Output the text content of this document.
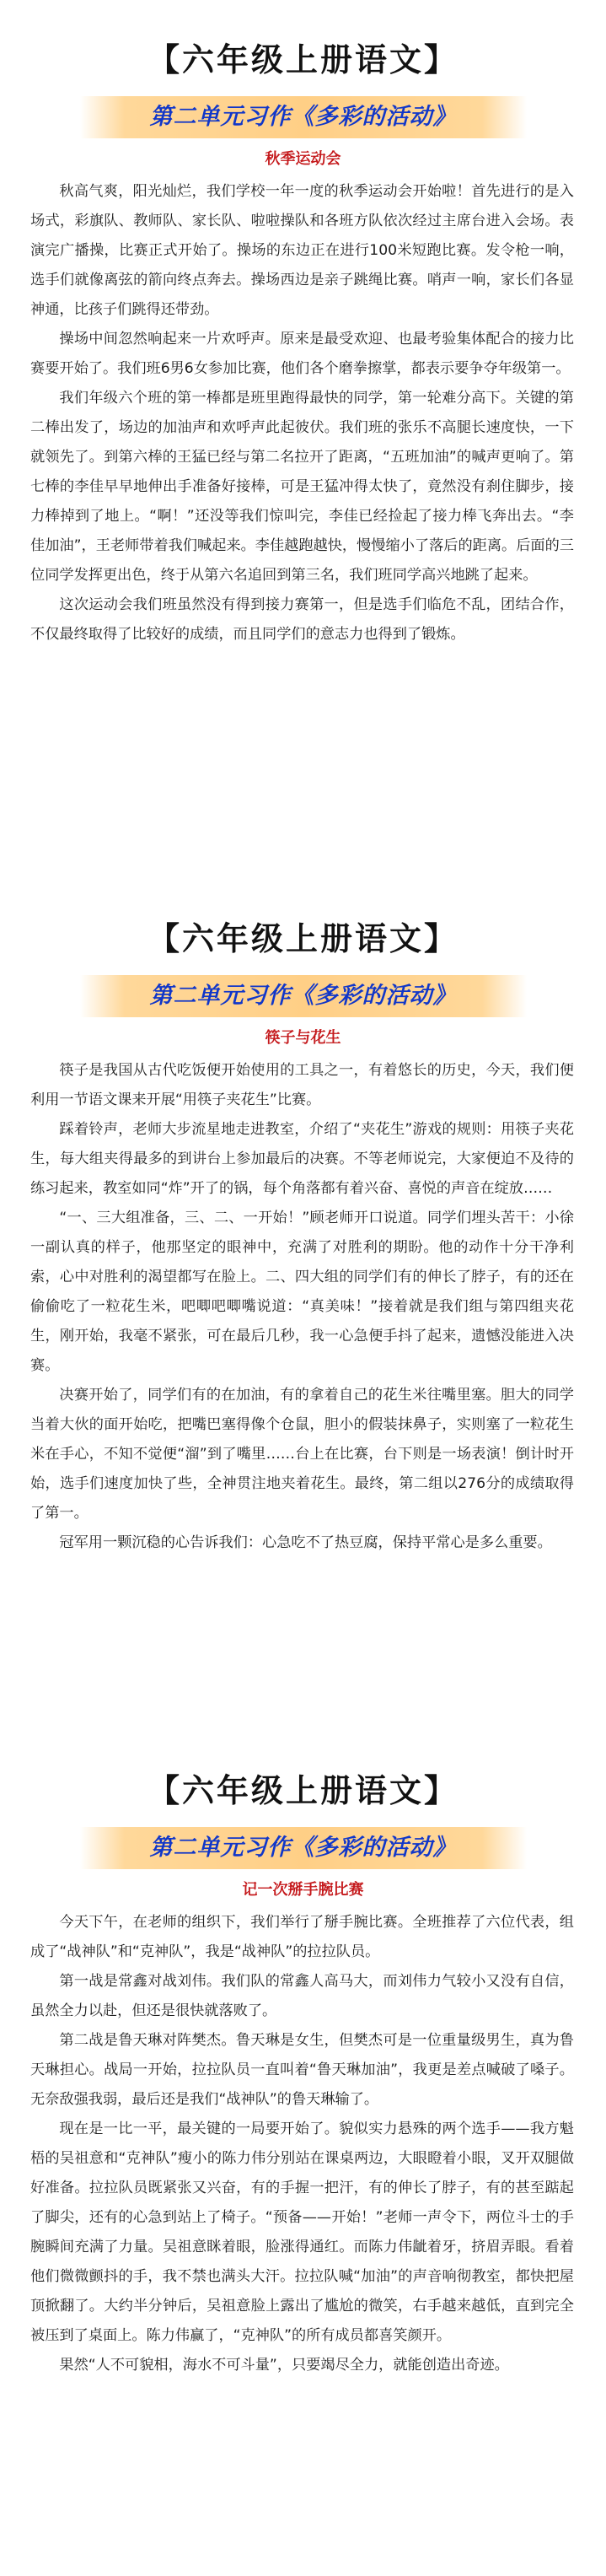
【六年级上册语文】
第二单元习作《多彩的活动》
秋季运动会

秋高气爽，阳光灿烂，我们学校一年一度的秋季运动会开始啦！首先进行的是入场式，彩旗队、教师队、家长队、啦啦操队和各班方队依次经过主席台进入会场。表演完广播操，比赛正式开始了。操场的东边正在进行100米短跑比赛。发令枪一响，选手们就像离弦的箭向终点奔去。操场西边是亲子跳绳比赛。哨声一响，家长们各显神通，比孩子们跳得还带劲。

操场中间忽然响起来一片欢呼声。原来是最受欢迎、也最考验集体配合的接力比赛要开始了。我们班6男6女参加比赛，他们各个磨拳擦掌，都表示要争夺年级第一。

我们年级六个班的第一棒都是班里跑得最快的同学，第一轮难分高下。关键的第二棒出发了，场边的加油声和欢呼声此起彼伏。我们班的张乐不高腿长速度快，一下就领先了。到第六棒的王猛已经与第二名拉开了距离，“五班加油”的喊声更响了。第七棒的李佳早早地伸出手准备好接棒，可是王猛冲得太快了，竟然没有刹住脚步，接力棒掉到了地上。“啊！”还没等我们惊叫完，李佳已经捡起了接力棒飞奔出去。“李佳加油”，王老师带着我们喊起来。李佳越跑越快，慢慢缩小了落后的距离。后面的三位同学发挥更出色，终于从第六名追回到第三名，我们班同学高兴地跳了起来。

这次运动会我们班虽然没有得到接力赛第一，但是选手们临危不乱，团结合作，不仅最终取得了比较好的成绩，而且同学们的意志力也得到了锻炼。

【六年级上册语文】
第二单元习作《多彩的活动》
筷子与花生

筷子是我国从古代吃饭便开始使用的工具之一，有着悠长的历史，今天，我们便利用一节语文课来开展“用筷子夹花生”比赛。

踩着铃声，老师大步流星地走进教室，介绍了“夹花生”游戏的规则：用筷子夹花生，每大组夹得最多的到讲台上参加最后的决赛。不等老师说完，大家便迫不及待的练习起来，教室如同“炸”开了的锅，每个角落都有着兴奋、喜悦的声音在绽放……

“一、三大组准备，三、二、一开始！”顾老师开口说道。同学们埋头苦干：小徐一副认真的样子，他那坚定的眼神中，充满了对胜利的期盼。他的动作十分干净利索，心中对胜利的渴望都写在脸上。二、四大组的同学们有的伸长了脖子，有的还在偷偷吃了一粒花生米，吧唧吧唧嘴说道：“真美味！”接着就是我们组与第四组夹花生，刚开始，我毫不紧张，可在最后几秒，我一心急便手抖了起来，遗憾没能进入决赛。

决赛开始了，同学们有的在加油，有的拿着自己的花生米往嘴里塞。胆大的同学当着大伙的面开始吃，把嘴巴塞得像个仓鼠，胆小的假装抹鼻子，实则塞了一粒花生米在手心，不知不觉便“溜”到了嘴里……台上在比赛，台下则是一场表演！倒计时开始，选手们速度加快了些，全神贯注地夹着花生。最终，第二组以276分的成绩取得了第一。

冠军用一颗沉稳的心告诉我们：心急吃不了热豆腐，保持平常心是多么重要。

【六年级上册语文】
第二单元习作《多彩的活动》
记一次掰手腕比赛

今天下午，在老师的组织下，我们举行了掰手腕比赛。全班推荐了六位代表，组成了“战神队”和“克神队”，我是“战神队”的拉拉队员。

第一战是常鑫对战刘伟。我们队的常鑫人高马大，而刘伟力气较小又没有自信，虽然全力以赴，但还是很快就落败了。

第二战是鲁天琳对阵樊杰。鲁天琳是女生，但樊杰可是一位重量级男生，真为鲁天琳担心。战局一开始，拉拉队员一直叫着“鲁天琳加油”，我更是差点喊破了嗓子。无奈敌强我弱，最后还是我们“战神队”的鲁天琳输了。

现在是一比一平，最关键的一局要开始了。貌似实力悬殊的两个选手——我方魁梧的吴祖意和“克神队”瘦小的陈力伟分别站在课桌两边，大眼瞪着小眼，叉开双腿做好准备。拉拉队员既紧张又兴奋，有的手握一把汗，有的伸长了脖子，有的甚至踮起了脚尖，还有的心急到站上了椅子。“预备——开始！”老师一声令下，两位斗士的手腕瞬间充满了力量。吴祖意眯着眼，脸涨得通红。而陈力伟龇着牙，挤眉弄眼。看着他们微微颤抖的手，我不禁也满头大汗。拉拉队喊“加油”的声音响彻教室，都快把屋顶掀翻了。大约半分钟后，吴祖意脸上露出了尴尬的微笑，右手越来越低，直到完全被压到了桌面上。陈力伟赢了，“克神队”的所有成员都喜笑颜开。

果然“人不可貌相，海水不可斗量”，只要竭尽全力，就能创造出奇迹。
